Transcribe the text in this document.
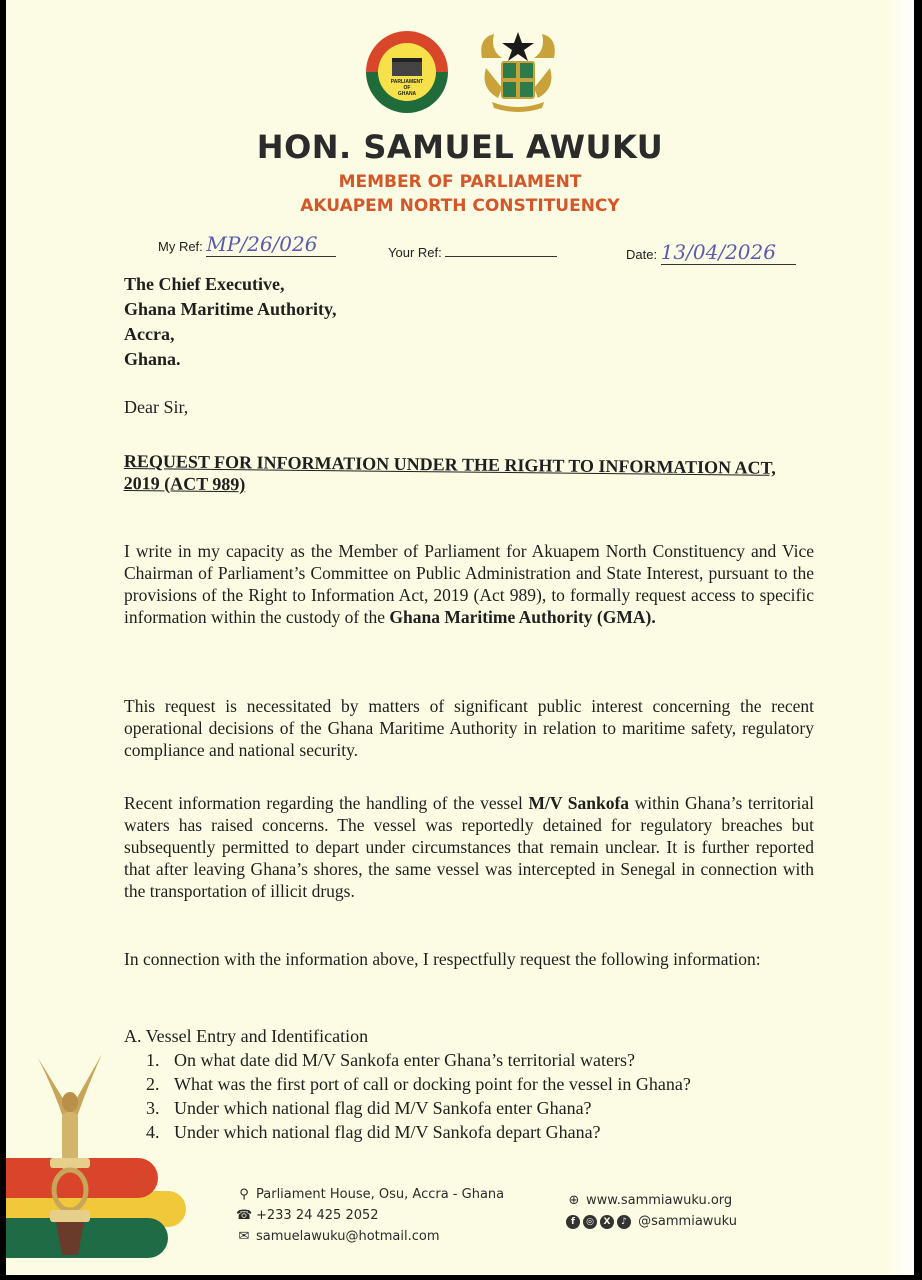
PARLIAMENT
OF
GHANA
HON. SAMUEL AWUKU
MEMBER OF PARLIAMENT
AKUAPEM NORTH CONSTITUENCY
My Ref: MP/26/026	Your Ref:	Date: 13/04/2026
The Chief Executive,
Ghana Maritime Authority,
Accra,
Ghana.
Dear Sir,
REQUEST FOR INFORMATION UNDER THE RIGHT TO INFORMATION ACT, 2019 (ACT 989)
I write in my capacity as the Member of Parliament for Akuapem North Constituency and Vice Chairman of Parliament’s Committee on Public Administration and State Interest, pursuant to the provisions of the Right to Information Act, 2019 (Act 989), to formally request access to specific information within the custody of the Ghana Maritime Authority (GMA).
This request is necessitated by matters of significant public interest concerning the recent operational decisions of the Ghana Maritime Authority in relation to maritime safety, regulatory compliance and national security.
Recent information regarding the handling of the vessel M/V Sankofa within Ghana’s territorial waters has raised concerns. The vessel was reportedly detained for regulatory breaches but subsequently permitted to depart under circumstances that remain unclear. It is further reported that after leaving Ghana’s shores, the same vessel was intercepted in Senegal in connection with the transportation of illicit drugs.
In connection with the information above, I respectfully request the following information:
A. Vessel Entry and Identification
1. On what date did M/V Sankofa enter Ghana’s territorial waters?
2. What was the first port of call or docking point for the vessel in Ghana?
3. Under which national flag did M/V Sankofa enter Ghana?
4. Under which national flag did M/V Sankofa depart Ghana?
⚲ Parliament House, Osu, Accra - Ghana
☎ +233 24 425 2052
✉ samuelawuku@hotmail.com
⊕ www.sammiawuku.org
f ◎ X ♪ @sammiawuku
